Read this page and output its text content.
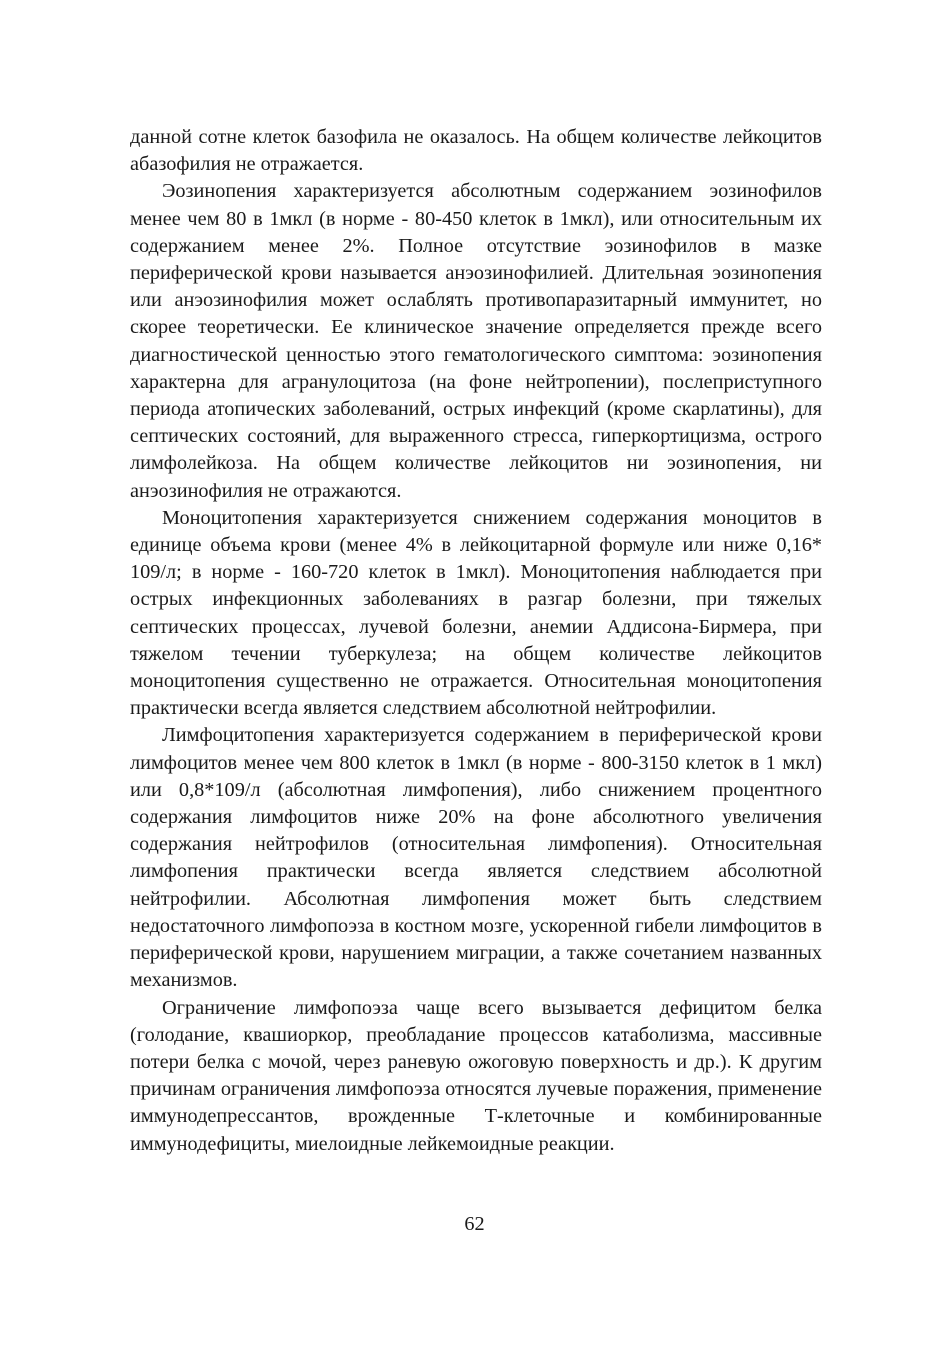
данной сотне клеток базофила не оказалось. На общем количестве лейкоцитов абазофилия не отражается.

Эозинопения характеризуется абсолютным содержанием эозинофилов менее чем 80 в 1мкл (в норме - 80-450 клеток в 1мкл), или относительным их содержанием менее 2%. Полное отсутствие эозинофилов в мазке периферической крови называется анэозинофилией. Длительная эозинопения или анэозинофилия может ослаблять противопаразитарный иммунитет, но скорее теоретически. Ее клиническое значение определяется прежде всего диагностической ценностью этого гематологического симптома: эозинопения характерна для агранулоцитоза (на фоне нейтропении), послеприступного периода атопических заболеваний, острых инфекций (кроме скарлатины), для септических состояний, для выраженного стресса, гиперкортицизма, острого лимфолейкоза. На общем количестве лейкоцитов ни эозинопения, ни анэозинофилия не отражаются.

Моноцитопения характеризуется снижением содержания моноцитов в единице объема крови (менее 4% в лейкоцитарной формуле или ниже 0,16* 109/л; в норме - 160-720 клеток в 1мкл). Моноцитопения наблюдается при острых инфекционных заболеваниях в разгар болезни, при тяжелых септических процессах, лучевой болезни, анемии Аддисона-Бирмера, при тяжелом течении туберкулеза; на общем количестве лейкоцитов моноцитопения существенно не отражается. Относительная моноцитопения практически всегда является следствием абсолютной нейтрофилии.

Лимфоцитопения характеризуется содержанием в периферической крови лимфоцитов менее чем 800 клеток в 1мкл (в норме - 800-3150 клеток в 1 мкл) или 0,8*109/л (абсолютная лимфопения), либо снижением процентного содержания лимфоцитов ниже 20% на фоне абсолютного увеличения содержания нейтрофилов (относительная лимфопения). Относительная лимфопения практически всегда является следствием абсолютной нейтрофилии. Абсолютная лимфопения может быть следствием недостаточного лимфопоэза в костном мозге, ускоренной гибели лимфоцитов в периферической крови, нарушением миграции, а также сочетанием названных механизмов.

Ограничение лимфопоэза чаще всего вызывается дефицитом белка (голодание, квашиоркор, преобладание процессов катаболизма, массивные потери белка с мочой, через раневую ожоговую поверхность и др.). К другим причинам ограничения лимфопоэза относятся лучевые поражения, применение иммунодепрессантов, врожденные Т-клеточные и комбинированные иммунодефициты, миелоидные лейкемоидные реакции.

62
